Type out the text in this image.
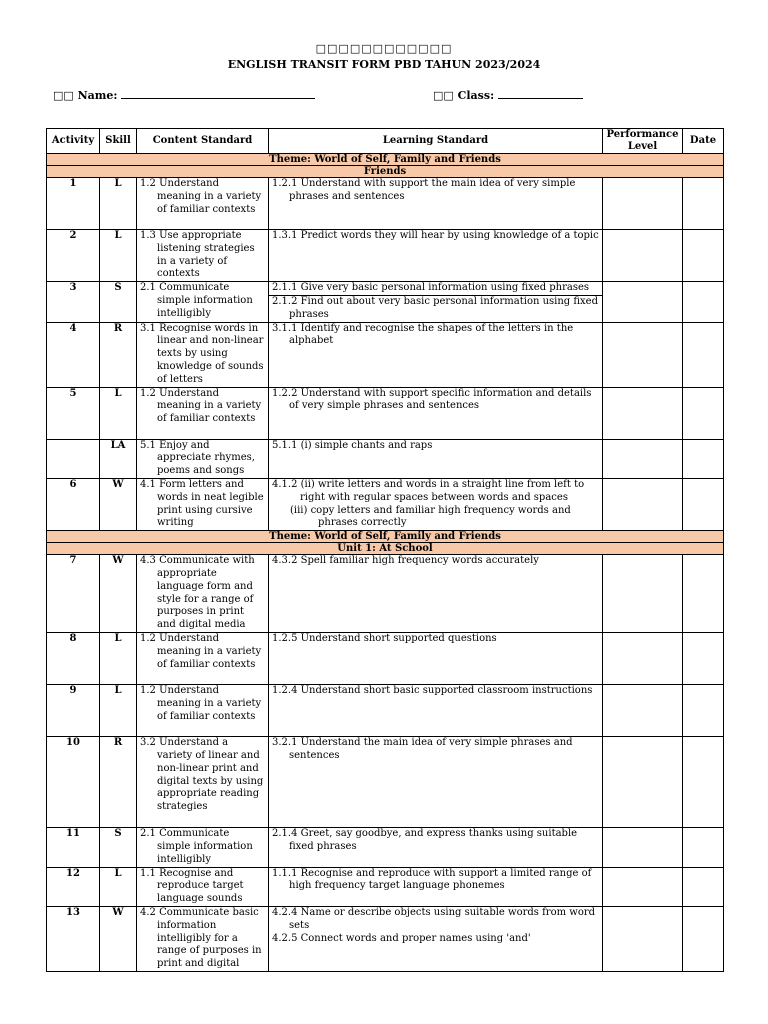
□□□□□□□□□□□□
ENGLISH TRANSIT FORM PBD TAHUN 2023/2024
□□ Name:	□□ Class:
Activity	Skill	Content Standard	Learning Standard	Performance Level	Date
Theme: World of Self, Family and Friends					
Friends					
1	L	1.2 Understand meaning in a variety of familiar contexts	1.2.1 Understand with support the main idea of very simple phrases and sentences		

2	L	1.3 Use appropriate listening strategies in a variety of contexts	1.3.1 Predict words they will hear by using knowledge of a topic		

3	S	2.1 Communicate simple information intelligibly	2.1.1 Give very basic personal information using fixed phrases
2.1.2 Find out about very basic personal information using fixed phrases		

4	R	3.1 Recognise words in linear and non-linear texts by using knowledge of sounds of letters	3.1.1 Identify and recognise the shapes of the letters in the alphabet		

5	L	1.2 Understand meaning in a variety of familiar contexts	1.2.2 Understand with support specific information and details of very simple phrases and sentences		

	LA	5.1 Enjoy and appreciate rhymes, poems and songs	5.1.1 (i) simple chants and raps		

6	W	4.1 Form letters and words in neat legible print using cursive writing	4.1.2 (ii) write letters and words in a straight line from left to right with regular spaces between words and spaces
(iii) copy letters and familiar high frequency words and phrases correctly		

Theme: World of Self, Family and Friends					
Unit 1: At School					
7	W	4.3 Communicate with appropriate language form and style for a range of purposes in print and digital media	4.3.2 Spell familiar high frequency words accurately		

8	L	1.2 Understand meaning in a variety of familiar contexts	1.2.5 Understand short supported questions		

9	L	1.2 Understand meaning in a variety of familiar contexts	1.2.4 Understand short basic supported classroom instructions		

10	R	3.2 Understand a variety of linear and non-linear print and digital texts by using appropriate reading strategies	3.2.1 Understand the main idea of very simple phrases and sentences		

11	S	2.1 Communicate simple information intelligibly	2.1.4 Greet, say goodbye, and express thanks using suitable fixed phrases		

12	L	1.1 Recognise and reproduce target language sounds	1.1.1 Recognise and reproduce with support a limited range of high frequency target language phonemes		

13	W	4.2 Communicate basic information intelligibly for a range of purposes in print and digital	4.2.4 Name or describe objects using suitable words from word sets
4.2.5 Connect words and proper names using 'and'		
